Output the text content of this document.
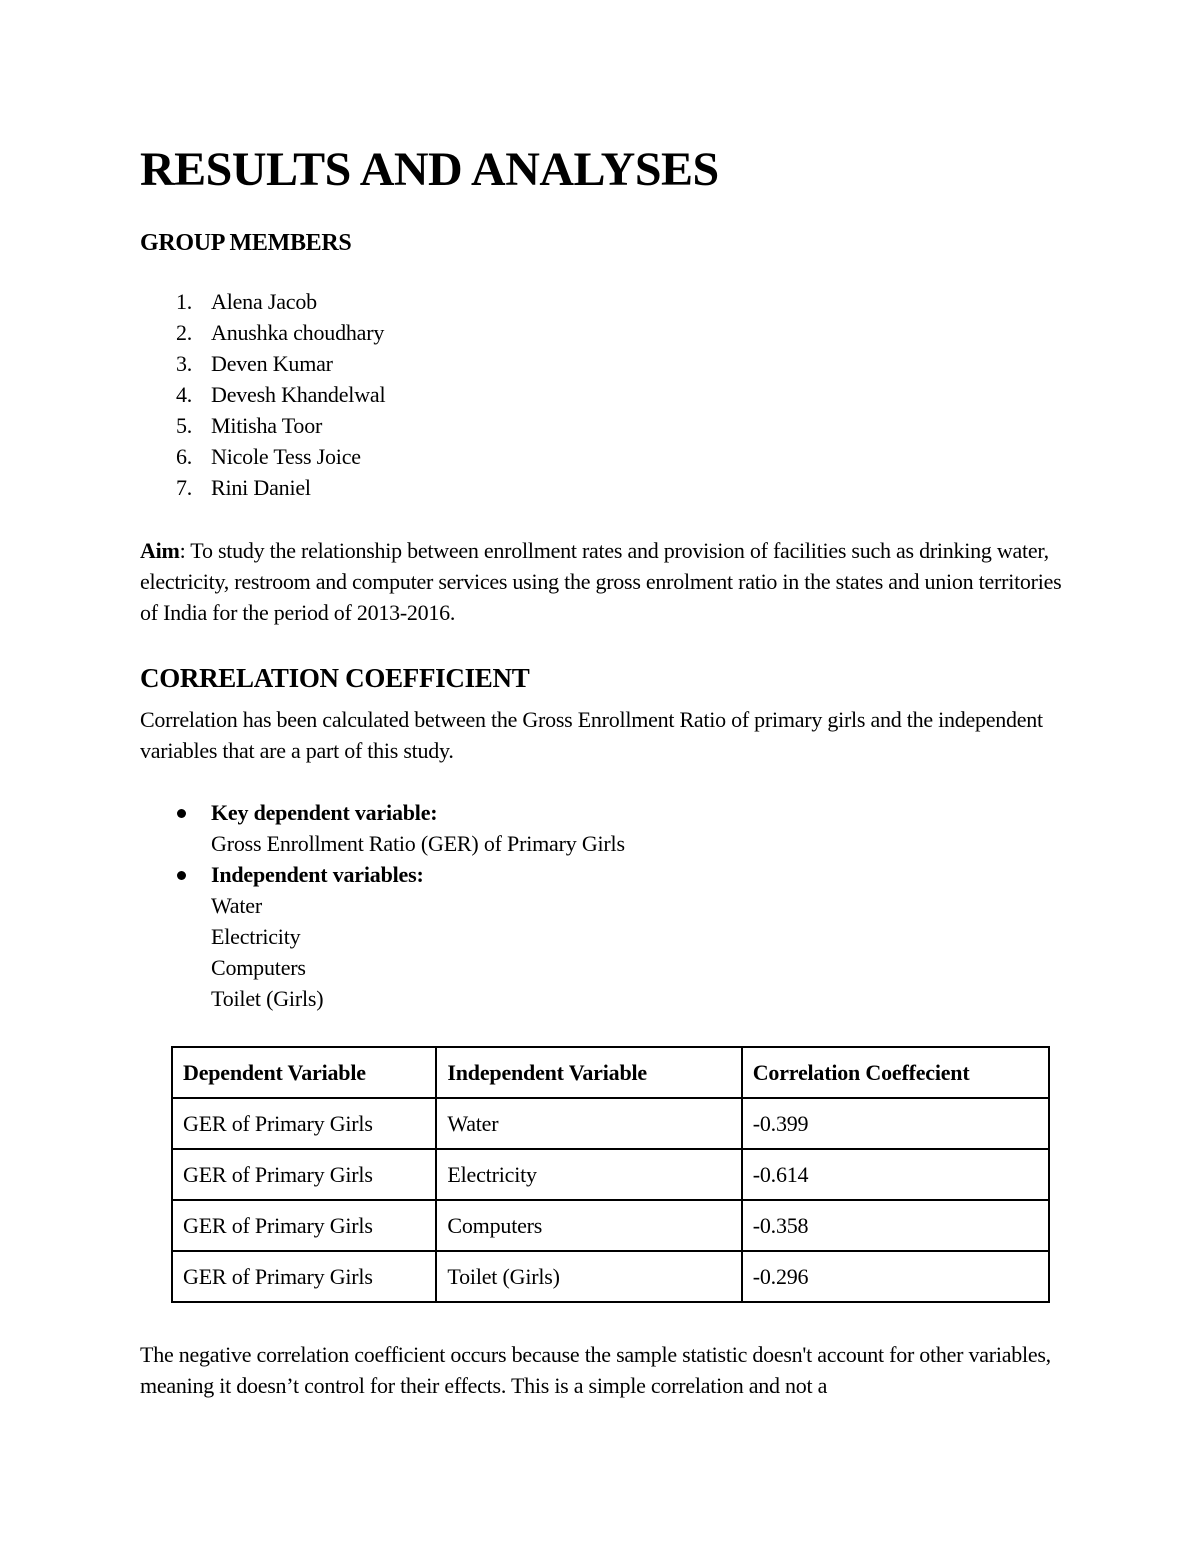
RESULTS AND ANALYSES
GROUP MEMBERS
1. Alena Jacob
2. Anushka choudhary
3. Deven Kumar
4. Devesh Khandelwal
5. Mitisha Toor
6. Nicole Tess Joice
7. Rini Daniel

Aim: To study the relationship between enrollment rates and provision of facilities such as drinking water, electricity, restroom and computer services using the gross enrolment ratio in the states and union territories of India for the period of 2013-2016.

CORRELATION COEFFICIENT

Correlation has been calculated between the Gross Enrollment Ratio of primary girls and the independent variables that are a part of this study.

Key dependent variable:
Gross Enrollment Ratio (GER) of Primary Girls
Independent variables:
Water
Electricity
Computers
Toilet (Girls)
Dependent Variable	Independent Variable	Correlation Coeffecient
GER of Primary Girls	Water	-0.399
GER of Primary Girls	Electricity	-0.614
GER of Primary Girls	Computers	-0.358
GER of Primary Girls	Toilet (Girls)	-0.296

The negative correlation coefficient occurs because the sample statistic doesn't account for other variables, meaning it doesn’t control for their effects. This is a simple correlation and not a
